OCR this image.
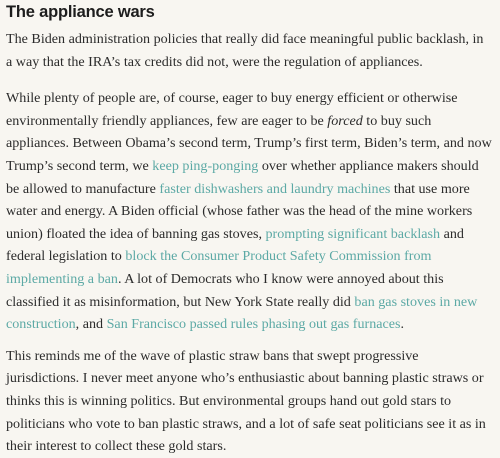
The appliance wars

The Biden administration policies that really did face meaningful public backlash, in a way that the IRA’s tax credits did not, were the regulation of appliances.

While plenty of people are, of course, eager to buy energy efficient or otherwise environmentally friendly appliances, few are eager to be forced to buy such appliances. Between Obama’s second term, Trump’s first term, Biden’s term, and now Trump’s second term, we keep ping-ponging over whether appliance makers should be allowed to manufacture faster dishwashers and laundry machines that use more water and energy. A Biden official (whose father was the head of the mine workers union) floated the idea of banning gas stoves, prompting significant backlash and federal legislation to block the Consumer Product Safety Commission from implementing a ban. A lot of Democrats who I know were annoyed about this classified it as misinformation, but New York State really did ban gas stoves in new construction, and San Francisco passed rules phasing out gas furnaces.

This reminds me of the wave of plastic straw bans that swept progressive jurisdictions. I never meet anyone who’s enthusiastic about banning plastic straws or thinks this is winning politics. But environmental groups hand out gold stars to politicians who vote to ban plastic straws, and a lot of safe seat politicians see it as in their interest to collect these gold stars.
